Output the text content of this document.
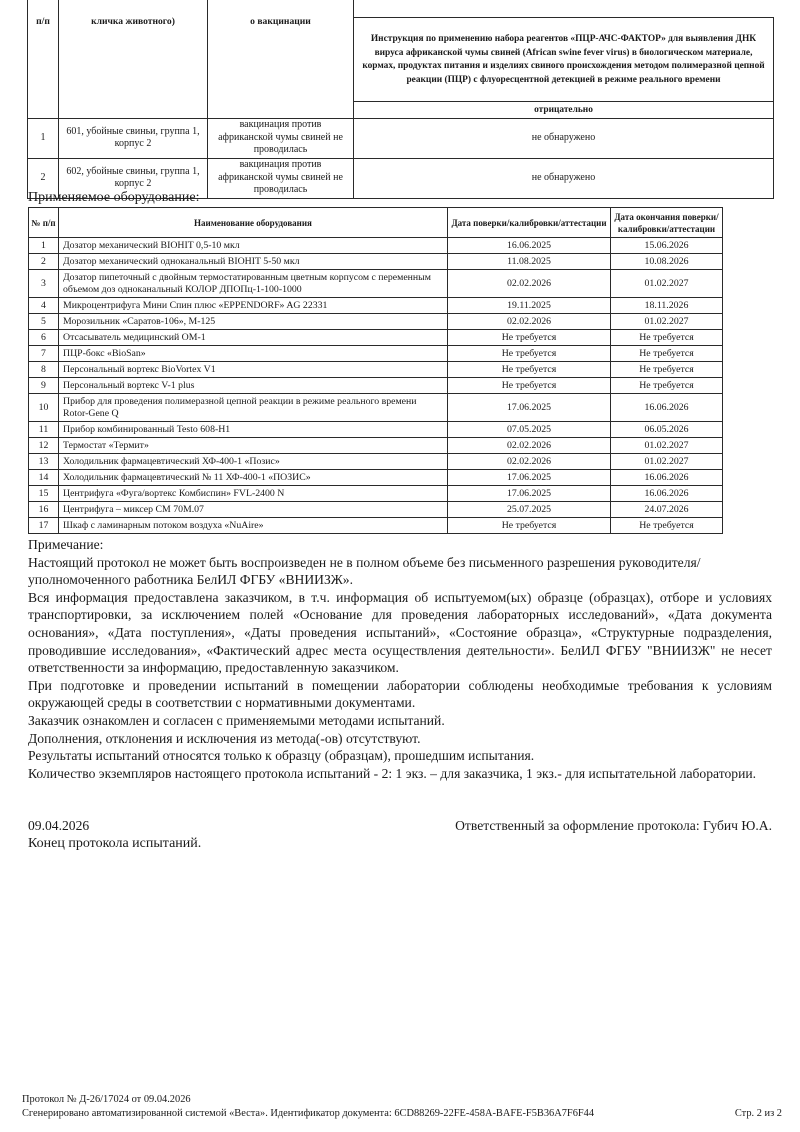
п/п	кличка животного)	о вакцинации	
			Инструкция по применению набора реагентов «ПЦР-АЧС-ФАКТОР» для выявления ДНК вируса африканской чумы свиней (African swine fever virus) в биологическом материале, кормах, продуктах питания и изделиях свиного происхождения методом полимеразной цепной реакции (ПЦР) с флуоресцентной детекцией в режиме реального времени
			отрицательно
1	601, убойные свиньи, группа 1, корпус 2	вакцинация против африканской чумы свиней не проводилась	не обнаружено
2	602, убойные свиньи, группа 1, корпус 2	вакцинация против африканской чумы свиней не проводилась	не обнаружено
Применяемое оборудование:
№ п/п	Наименование оборудования	Дата поверки/калибровки/аттестации	Дата окончания поверки/калибровки/аттестации
1	Дозатор механический BIOHIT 0,5-10 мкл	16.06.2025	15.06.2026
2	Дозатор механический одноканальный BIOHIT 5-50 мкл	11.08.2025	10.08.2026
3	Дозатор пипеточный с двойным термостатированным цветным корпусом с переменным объемом доз одноканальный КОЛОР ДПОПц-1-100-1000	02.02.2026	01.02.2027
4	Микроцентрифуга Мини Спин плюс «EPPENDORF» AG 22331	19.11.2025	18.11.2026
5	Морозильник «Саратов-106», М-125	02.02.2026	01.02.2027
6	Отсасыватель медицинский ОМ-1	Не требуется	Не требуется
7	ПЦР-бокс «BioSan»	Не требуется	Не требуется
8	Персональный вортекс BioVortex V1	Не требуется	Не требуется
9	Персональный вортекс V-1 plus	Не требуется	Не требуется
10	Прибор для проведения полимеразной цепной реакции в режиме реального времени Rotor-Gene Q	17.06.2025	16.06.2026
11	Прибор комбинированный Testo 608-H1	07.05.2025	06.05.2026
12	Термостат «Термит»	02.02.2026	01.02.2027
13	Холодильник фармацевтический ХФ-400-1 «Позис»	02.02.2026	01.02.2027
14	Холодильник фармацевтический № 11 ХФ-400-1 «ПОЗИС»	17.06.2025	16.06.2026
15	Центрифуга «Фуга/вортекс Комбиспин» FVL-2400 N	17.06.2025	16.06.2026
16	Центрифуга – миксер СМ 70М.07	25.07.2025	24.07.2026
17	Шкаф с ламинарным потоком воздуха «NuAire»	Не требуется	Не требуется

Примечание:

Настоящий протокол не может быть воспроизведен не в полном объеме без письменного разрешения руководителя/уполномоченного работника БелИЛ ФГБУ «ВНИИЗЖ».

Вся информация предоставлена заказчиком, в т.ч. информация об испытуемом(ых) образце (образцах), отборе и условиях транспортировки, за исключением полей «Основание для проведения лабораторных исследований», «Дата документа основания», «Дата поступления», «Даты проведения испытаний», «Состояние образца», «Структурные подразделения, проводившие исследования», «Фактический адрес места осуществления деятельности». БелИЛ ФГБУ "ВНИИЗЖ" не несет ответственности за информацию, предоставленную заказчиком.

При подготовке и проведении испытаний в помещении лаборатории соблюдены необходимые требования к условиям окружающей среды в соответствии с нормативными документами.

Заказчик ознакомлен и согласен с применяемыми методами испытаний.

Дополнения, отклонения и исключения из метода(-ов) отсутствуют.

Результаты испытаний относятся только к образцу (образцам), прошедшим испытания.

Количество экземпляров настоящего протокола испытаний - 2: 1 экз. – для заказчика, 1 экз.- для испытательной лаборатории.

09.04.2026	Ответственный за оформление протокола: Губич Ю.А.
Конец протокола испытаний.
Протокол № Д-26/17024 от 09.04.2026
Сгенерировано автоматизированной системой «Веста». Идентификатор документа: 6CD88269-22FE-458A-BAFE-F5B36A7F6F44	Стр. 2 из 2
